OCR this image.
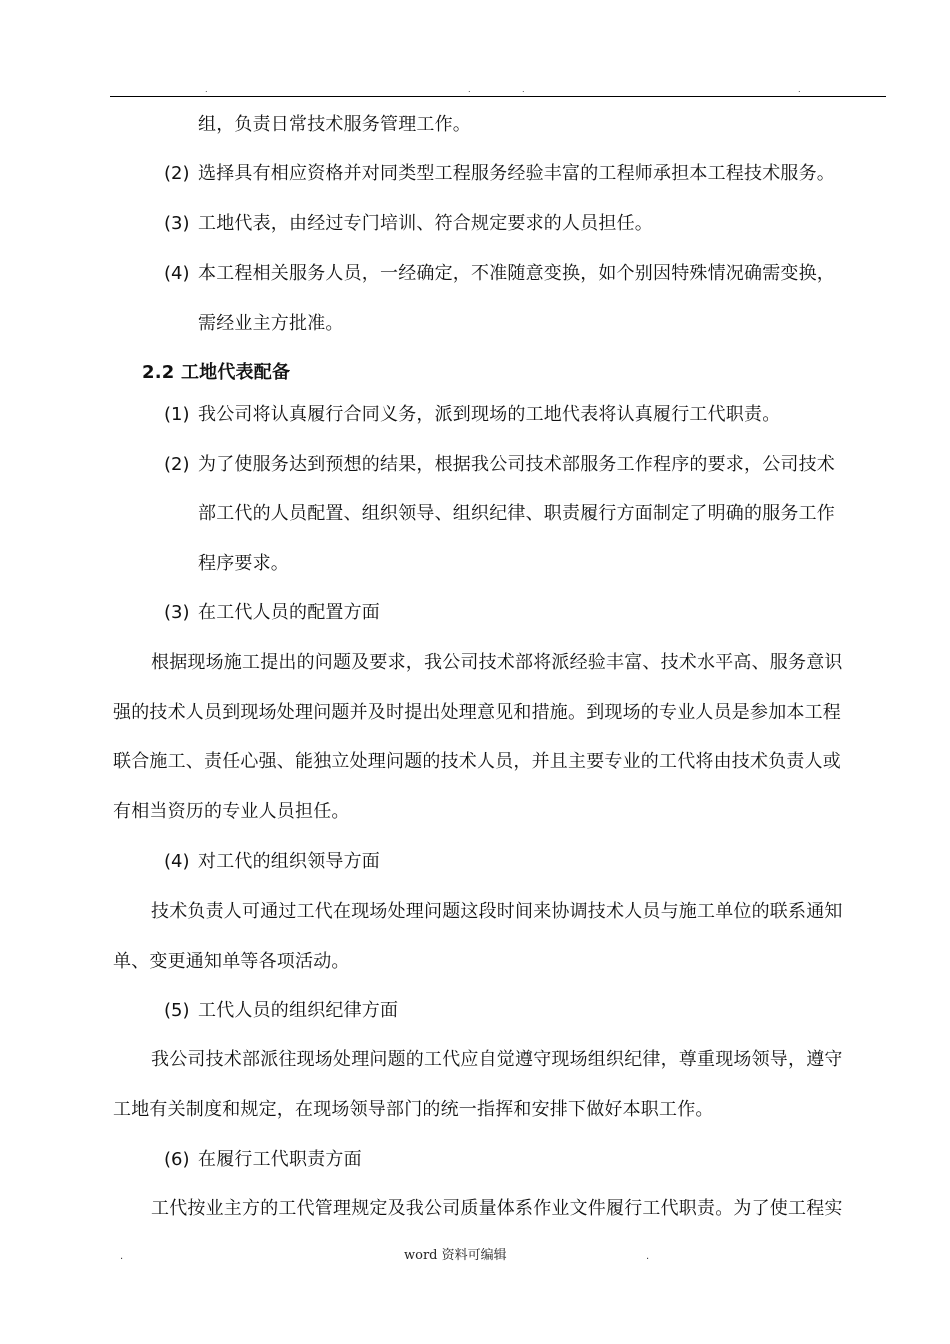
.	.	.	.
组，负责日常技术服务管理工作。
(2) 选择具有相应资格并对同类型工程服务经验丰富的工程师承担本工程技术服务。
(3) 工地代表，由经过专门培训、符合规定要求的人员担任。
(4) 本工程相关服务人员，一经确定，不准随意变换，如个别因特殊情况确需变换，
需经业主方批准。
2.2 工地代表配备
(1) 我公司将认真履行合同义务，派到现场的工地代表将认真履行工代职责。
(2) 为了使服务达到预想的结果，根据我公司技术部服务工作程序的要求，公司技术
部工代的人员配置、组织领导、组织纪律、职责履行方面制定了明确的服务工作
程序要求。
(3) 在工代人员的配置方面
根据现场施工提出的问题及要求，我公司技术部将派经验丰富、技术水平高、服务意识
强的技术人员到现场处理问题并及时提出处理意见和措施。到现场的专业人员是参加本工程
联合施工、责任心强、能独立处理问题的技术人员，并且主要专业的工代将由技术负责人或
有相当资历的专业人员担任。
(4) 对工代的组织领导方面
技术负责人可通过工代在现场处理问题这段时间来协调技术人员与施工单位的联系通知
单、变更通知单等各项活动。
(5) 工代人员的组织纪律方面
我公司技术部派往现场处理问题的工代应自觉遵守现场组织纪律，尊重现场领导，遵守
工地有关制度和规定，在现场领导部门的统一指挥和安排下做好本职工作。
(6) 在履行工代职责方面
工代按业主方的工代管理规定及我公司质量体系作业文件履行工代职责。为了使工程实
.	word 资料可编辑	.
